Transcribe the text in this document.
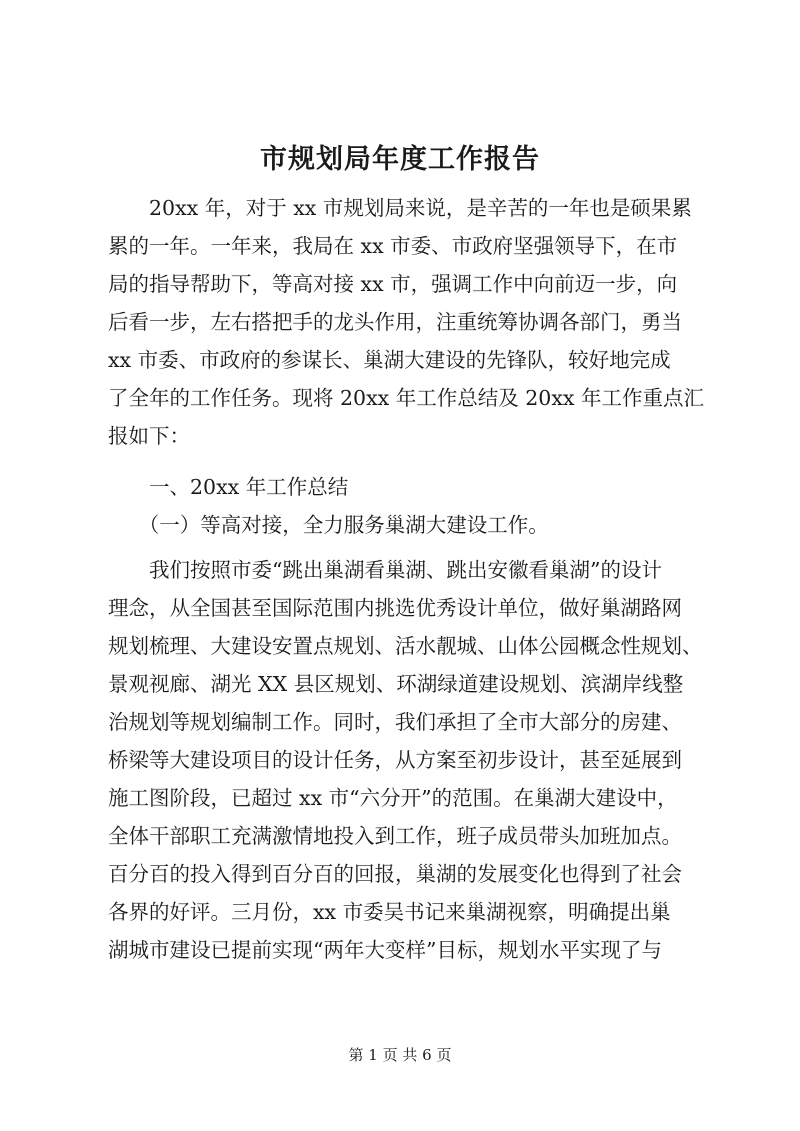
市规划局年度工作报告
　　20xx 年，对于 xx 市规划局来说，是辛苦的一年也是硕果累
累的一年。一年来，我局在 xx 市委、市政府坚强领导下，在市
局的指导帮助下，等高对接 xx 市，强调工作中向前迈一步，向
后看一步，左右搭把手的龙头作用，注重统筹协调各部门，勇当
xx 市委、市政府的参谋长、巢湖大建设的先锋队，较好地完成
了全年的工作任务。现将 20xx 年工作总结及 20xx 年工作重点汇
报如下：
　　一、20xx 年工作总结
　　（一）等高对接，全力服务巢湖大建设工作。
　　我们按照市委“跳出巢湖看巢湖、跳出安徽看巢湖”的设计
理念，从全国甚至国际范围内挑选优秀设计单位，做好巢湖路网
规划梳理、大建设安置点规划、活水靓城、山体公园概念性规划、
景观视廊、湖光 XX 县区规划、环湖绿道建设规划、滨湖岸线整
治规划等规划编制工作。同时，我们承担了全市大部分的房建、
桥梁等大建设项目的设计任务，从方案至初步设计，甚至延展到
施工图阶段，已超过 xx 市“六分开”的范围。在巢湖大建设中，
全体干部职工充满激情地投入到工作，班子成员带头加班加点。
百分百的投入得到百分百的回报，巢湖的发展变化也得到了社会
各界的好评。三月份，xx 市委吴书记来巢湖视察，明确提出巢
湖城市建设已提前实现“两年大变样”目标，规划水平实现了与
第 1 页 共 6 页
